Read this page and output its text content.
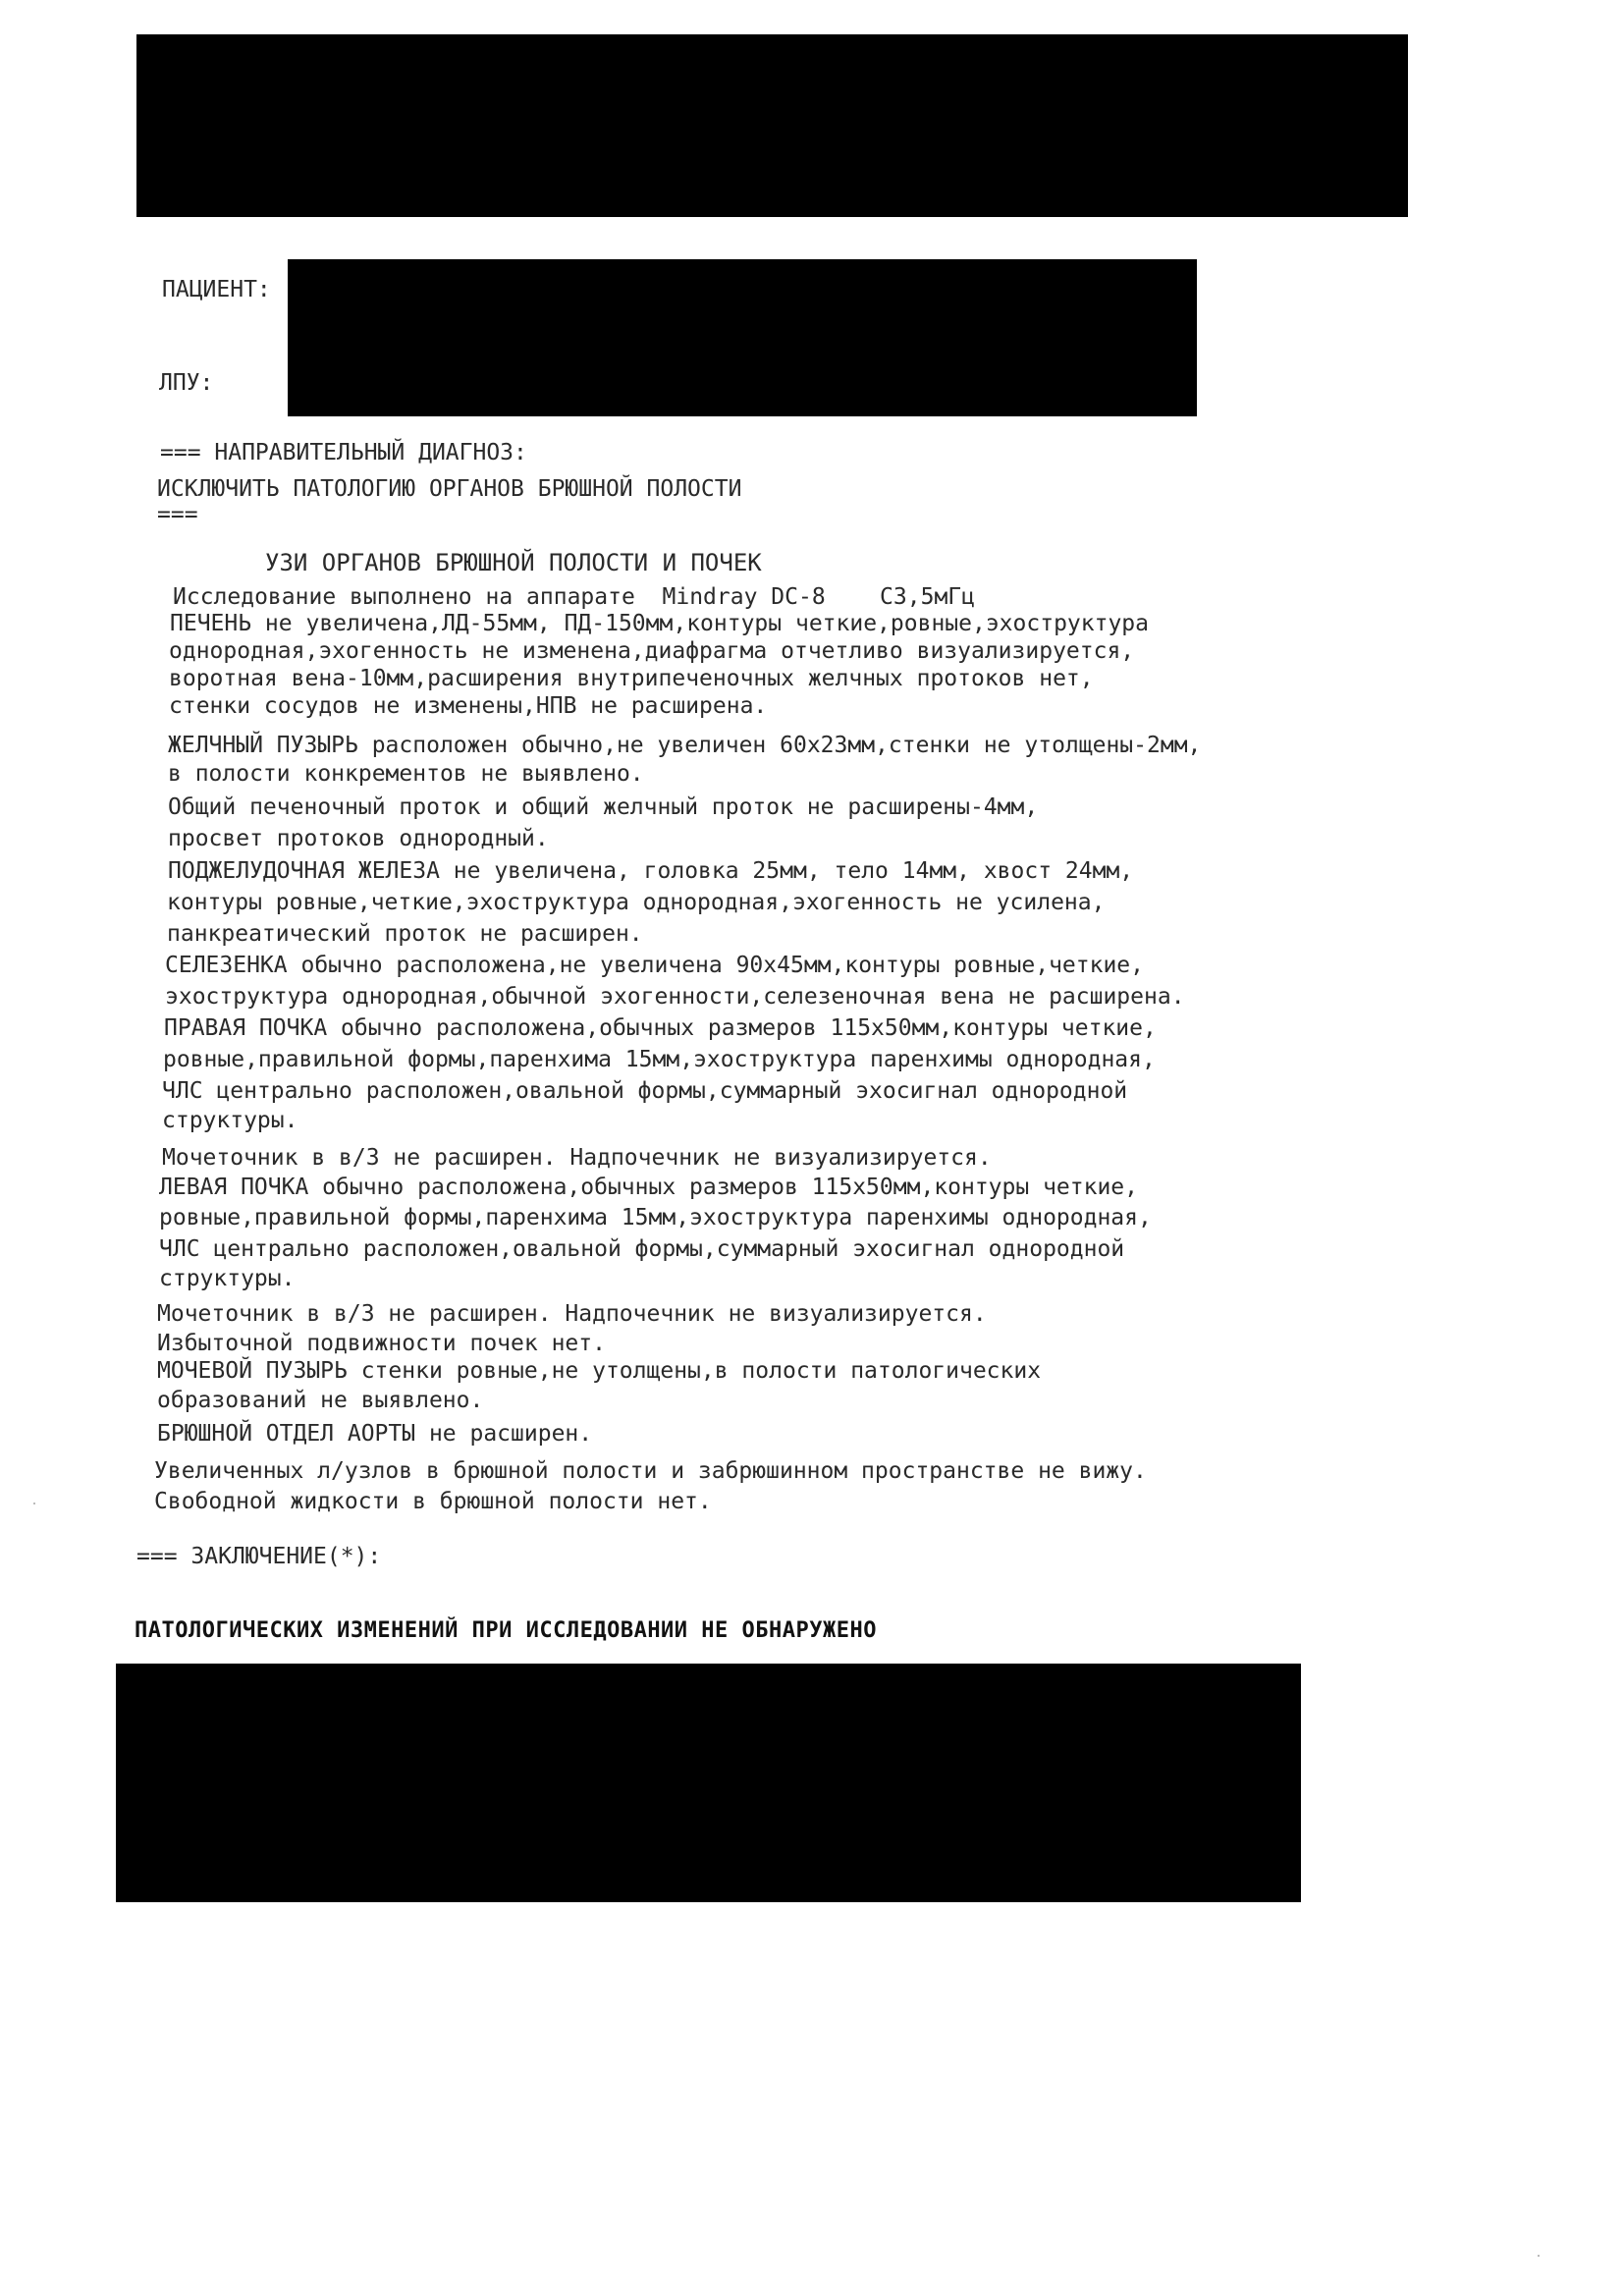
ПАЦИЕНТ:
ЛПУ:
=== НАПРАВИТЕЛЬНЫЙ ДИАГНОЗ:
ИСКЛЮЧИТЬ ПАТОЛОГИЮ ОРГАНОВ БРЮШНОЙ ПОЛОСТИ
===
УЗИ ОРГАНОВ БРЮШНОЙ ПОЛОСТИ И ПОЧЕК
Исследование выполнено на аппарате  Mindray DC-8    C3,5мГц
ПЕЧЕНЬ не увеличена,ЛД-55мм, ПД-150мм,контуры четкие,ровные,эхоструктура
однородная,эхогенность не изменена,диафрагма отчетливо визуализируется,
воротная вена-10мм,расширения внутрипеченочных желчных протоков нет,
стенки сосудов не изменены,НПВ не расширена.
ЖЕЛЧНЫЙ ПУЗЫРЬ расположен обычно,не увеличен 60х23мм,стенки не утолщены-2мм,
в полости конкрементов не выявлено.
Общий печеночный проток и общий желчный проток не расширены-4мм,
просвет протоков однородный.
ПОДЖЕЛУДОЧНАЯ ЖЕЛЕЗА не увеличена, головка 25мм, тело 14мм, хвост 24мм,
контуры ровные,четкие,эхоструктура однородная,эхогенность не усилена,
панкреатический проток не расширен.
СЕЛЕЗЕНКА обычно расположена,не увеличена 90х45мм,контуры ровные,четкие,
эхоструктура однородная,обычной эхогенности,селезеночная вена не расширена.
ПРАВАЯ ПОЧКА обычно расположена,обычных размеров 115х50мм,контуры четкие,
ровные,правильной формы,паренхима 15мм,эхоструктура паренхимы однородная,
ЧЛС центрально расположен,овальной формы,суммарный эхосигнал однородной
структуры.
Мочеточник в в/3 не расширен. Надпочечник не визуализируется.
ЛЕВАЯ ПОЧКА обычно расположена,обычных размеров 115х50мм,контуры четкие,
ровные,правильной формы,паренхима 15мм,эхоструктура паренхимы однородная,
ЧЛС центрально расположен,овальной формы,суммарный эхосигнал однородной
структуры.
Мочеточник в в/3 не расширен. Надпочечник не визуализируется.
Избыточной подвижности почек нет.
МОЧЕВОЙ ПУЗЫРЬ стенки ровные,не утолщены,в полости патологических
образований не выявлено.
БРЮШНОЙ ОТДЕЛ АОРТЫ не расширен.
Увеличенных л/узлов в брюшной полости и забрюшинном пространстве не вижу.
Свободной жидкости в брюшной полости нет.
=== ЗАКЛЮЧЕНИЕ(*):
ПАТОЛОГИЧЕСКИХ ИЗМЕНЕНИЙ ПРИ ИССЛЕДОВАНИИ НЕ ОБНАРУЖЕНО
